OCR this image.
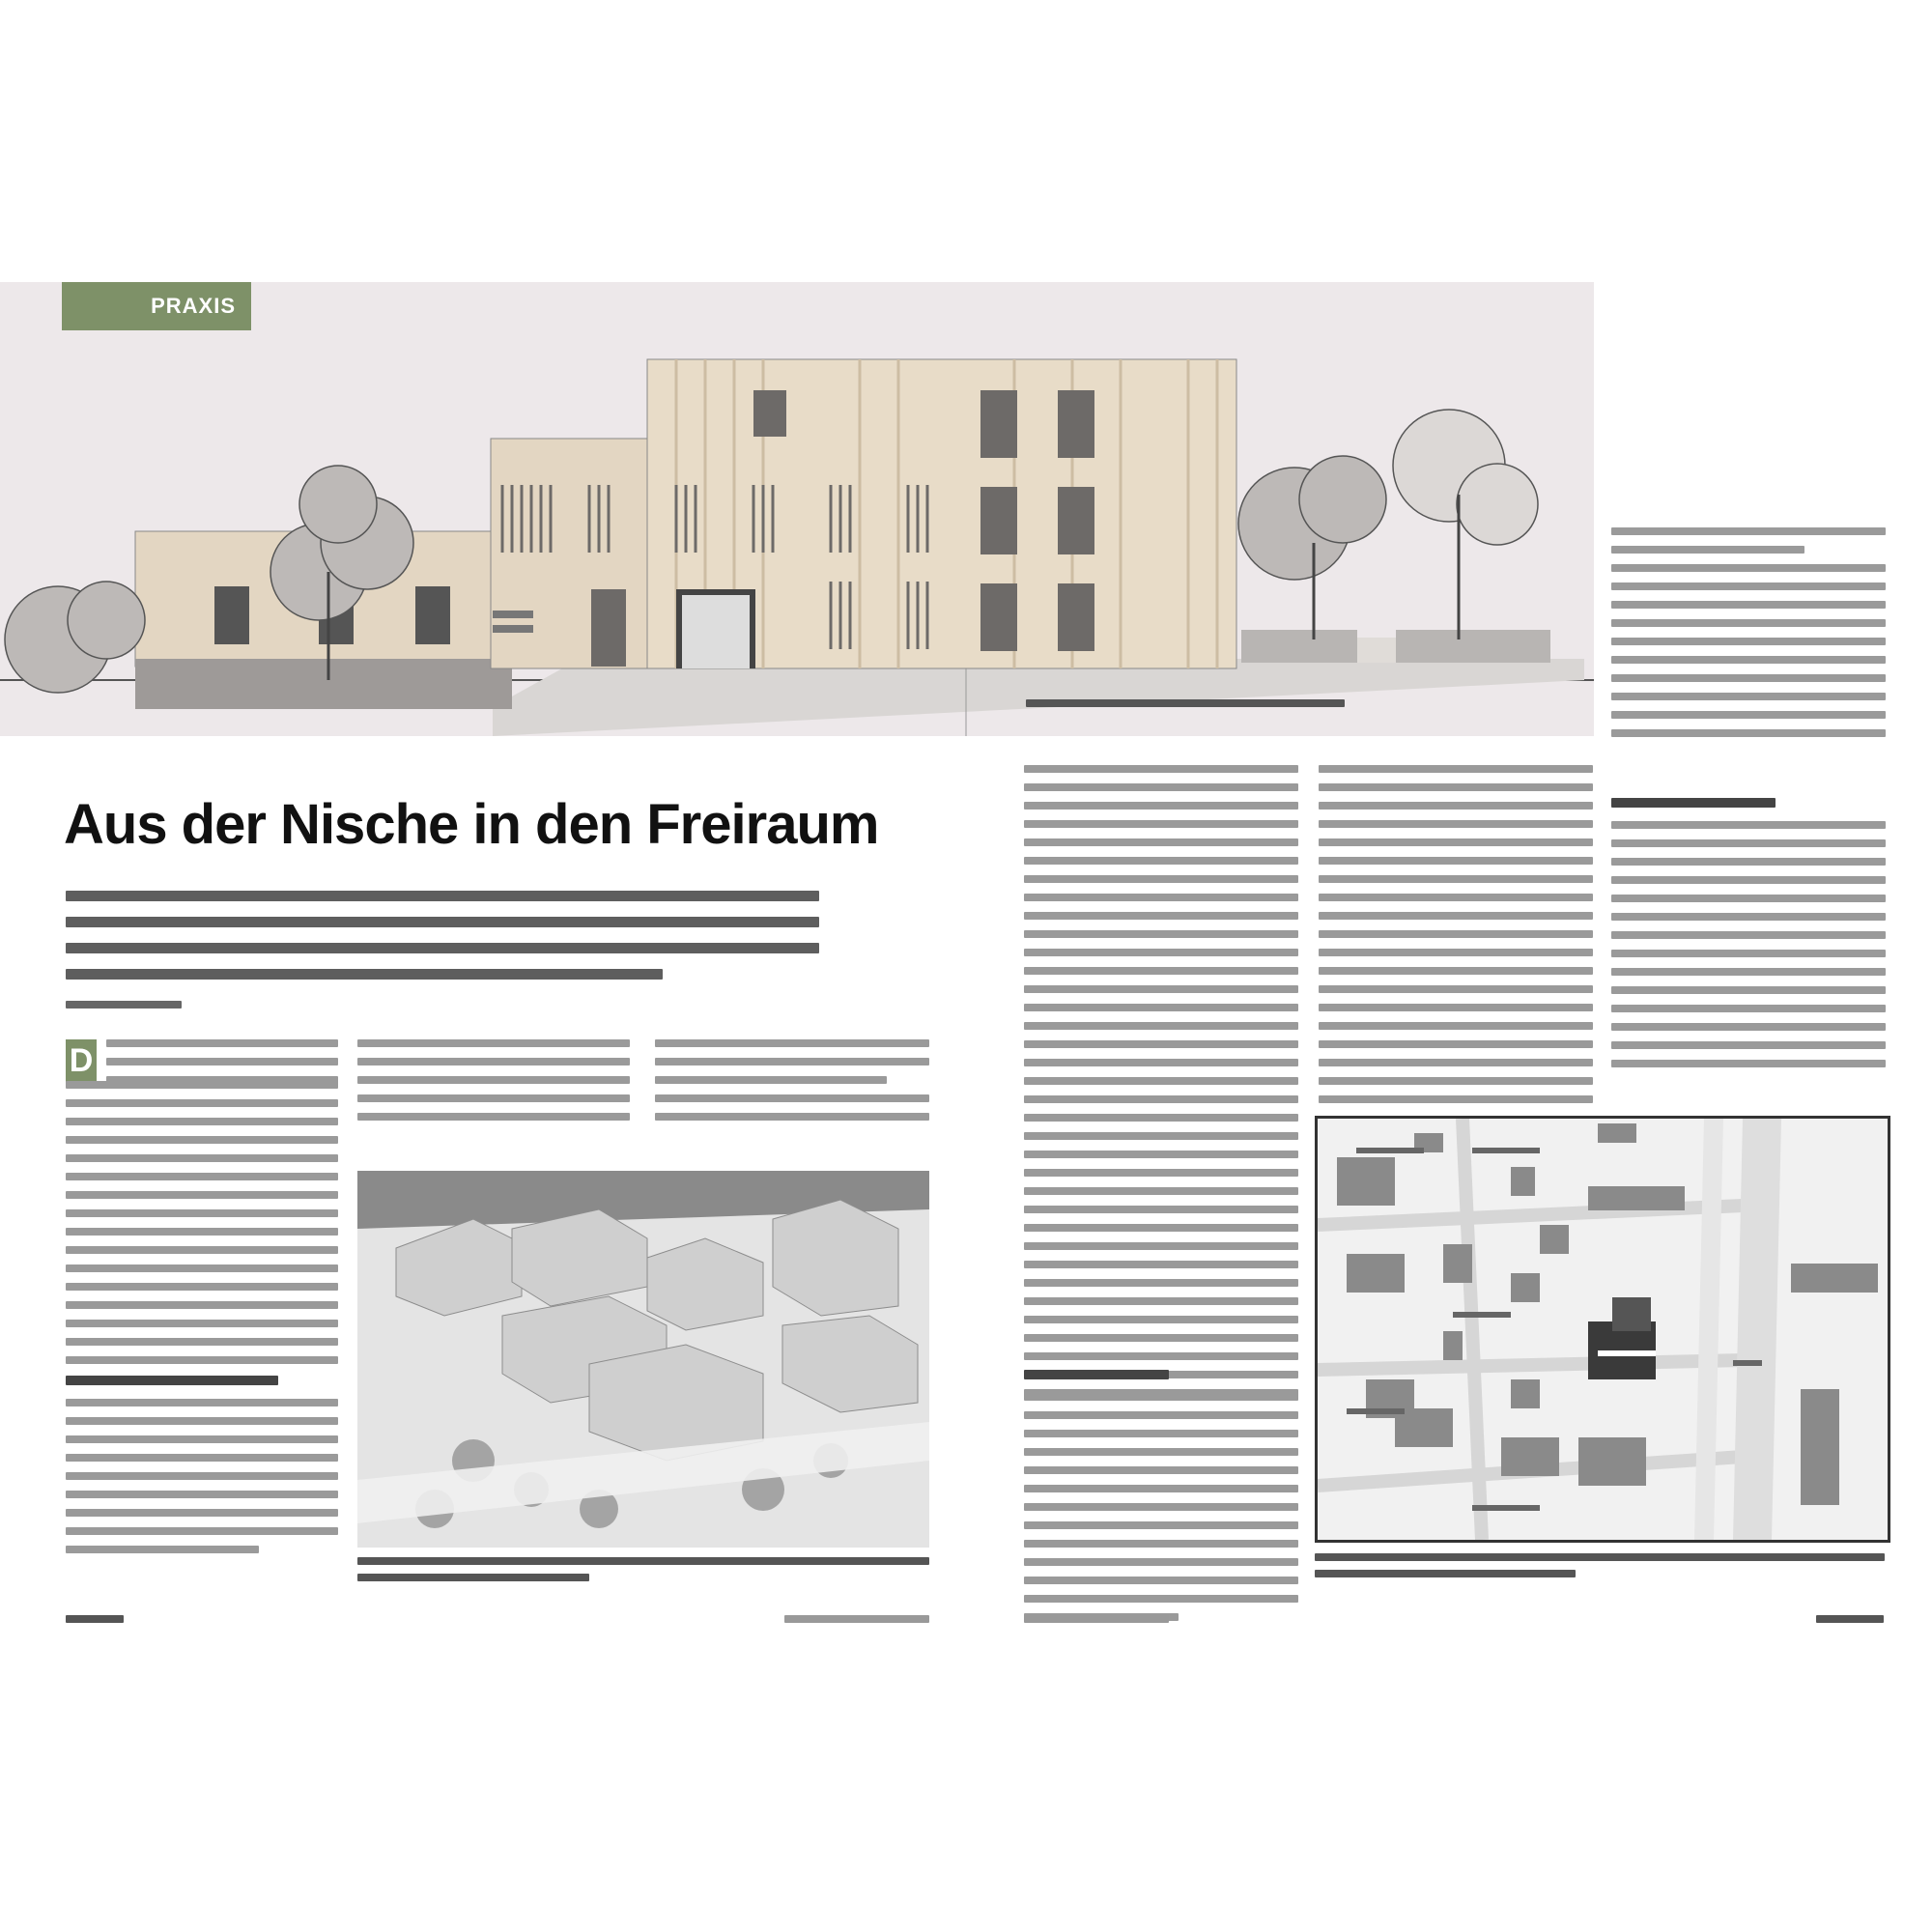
PRAXIS
Aus der Nische in den Freiraum
D
